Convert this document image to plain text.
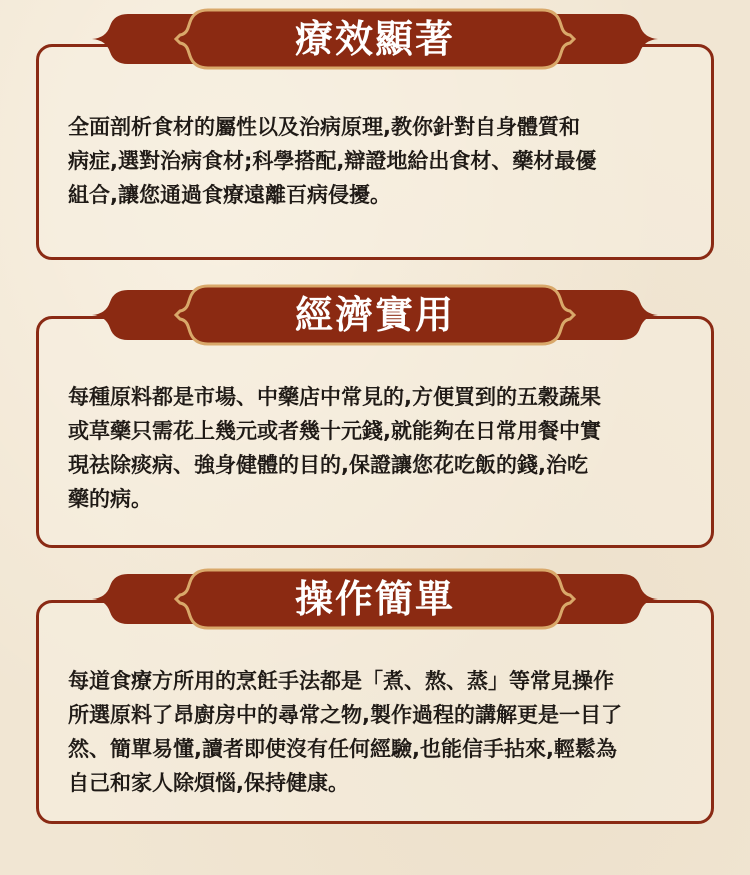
療效顯著
全面剖析食材的屬性以及治病原理,教你針對自身體質和
病症,選對治病食材;科學搭配,辯證地給出食材、藥材最優
組合,讓您通過食療遠離百病侵擾。
經濟實用
每種原料都是市場、中藥店中常見的,方便買到的五穀蔬果
或草藥只需花上幾元或者幾十元錢,就能夠在日常用餐中實
現祛除痰病、強身健體的目的,保證讓您花吃飯的錢,治吃
藥的病。
操作簡單
每道食療方所用的烹飪手法都是「煮、熬、蒸」等常見操作
所選原料了昂廚房中的尋常之物,製作過程的講解更是一目了
然、簡單易懂,讀者即使沒有任何經驗,也能信手拈來,輕鬆為
自己和家人除煩惱,保持健康。
